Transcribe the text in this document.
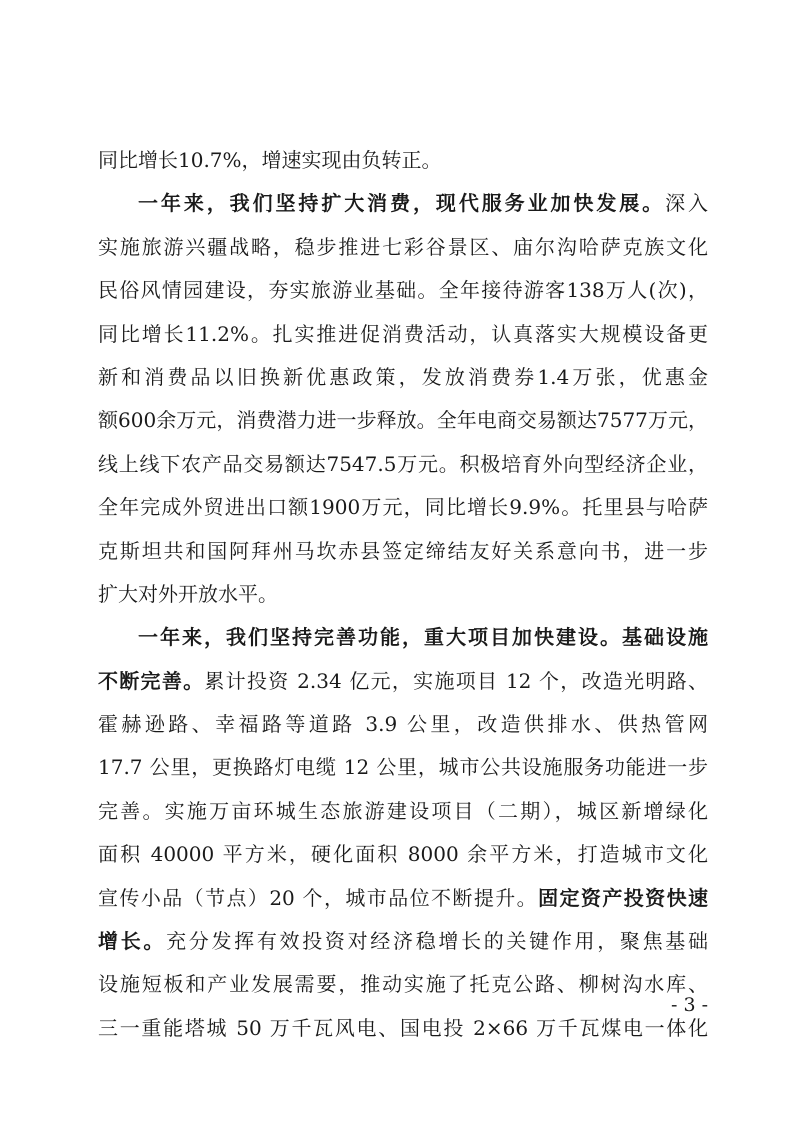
同比增长10.7%，增速实现由负转正。
一年来，我们坚持扩大消费，现代服务业加快发展。深入
实施旅游兴疆战略，稳步推进七彩谷景区、庙尔沟哈萨克族文化
民俗风情园建设，夯实旅游业基础。全年接待游客138万人(次)，
同比增长11.2%。扎实推进促消费活动，认真落实大规模设备更
新和消费品以旧换新优惠政策，发放消费券1.4万张，优惠金
额600余万元，消费潜力进一步释放。全年电商交易额达7577万元，
线上线下农产品交易额达7547.5万元。积极培育外向型经济企业，
全年完成外贸进出口额1900万元，同比增长9.9%。托里县与哈萨
克斯坦共和国阿拜州马坎赤县签定缔结友好关系意向书，进一步
扩大对外开放水平。
一年来，我们坚持完善功能，重大项目加快建设。基础设施
不断完善。累计投资 2.34 亿元，实施项目 12 个，改造光明路、
霍赫逊路、幸福路等道路 3.9 公里，改造供排水、供热管网
17.7 公里，更换路灯电缆 12 公里，城市公共设施服务功能进一步
完善。实施万亩环城生态旅游建设项目（二期），城区新增绿化
面积 40000 平方米，硬化面积 8000 余平方米，打造城市文化
宣传小品（节点）20 个，城市品位不断提升。固定资产投资快速
增长。充分发挥有效投资对经济稳增长的关键作用，聚焦基础
设施短板和产业发展需要，推动实施了托克公路、柳树沟水库、
三一重能塔城 50 万千瓦风电、国电投 2×66 万千瓦煤电一体化
- 3 -
